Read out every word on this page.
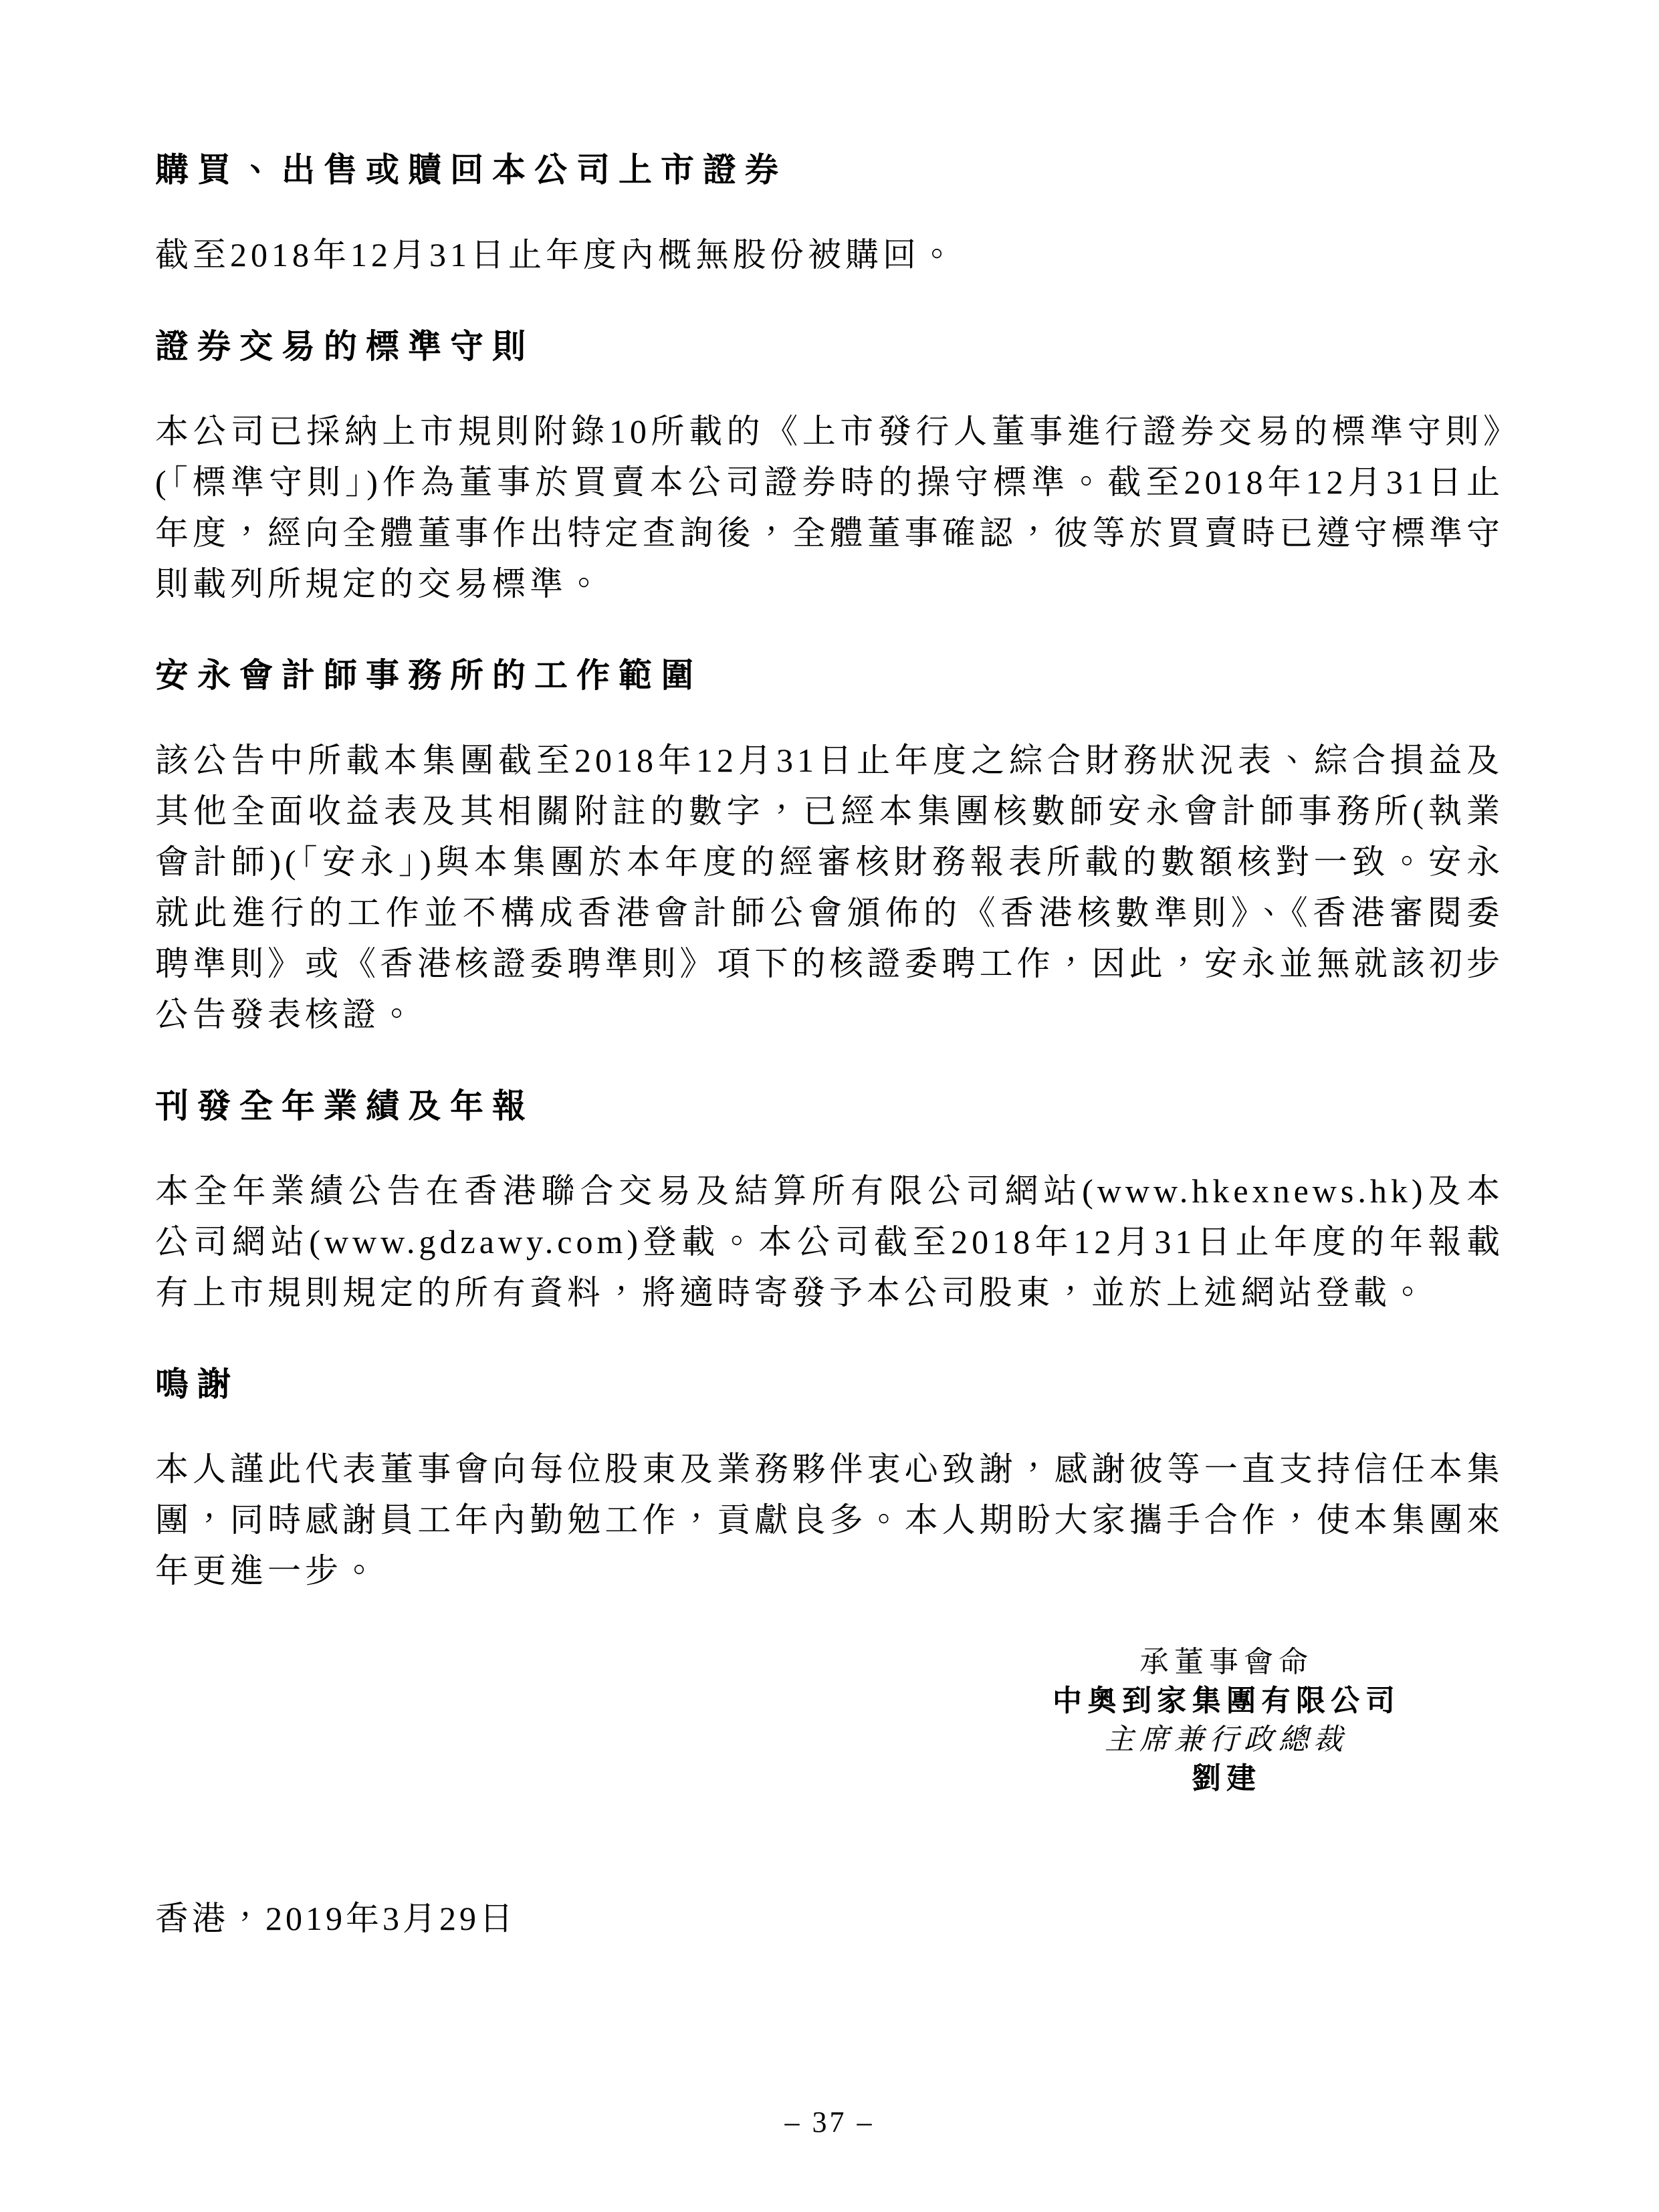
購買、出售或贖回本公司上市證券

截至2018年12月31日止年度內概無股份被購回。

證券交易的標準守則

本公司已採納上市規則附錄10所載的《上市發行人董事進行證券交易的標準守則》(「標準守則」)作為董事於買賣本公司證券時的操守標準。截至2018年12月31日止年度，經向全體董事作出特定查詢後，全體董事確認，彼等於買賣時已遵守標準守則載列所規定的交易標準。

安永會計師事務所的工作範圍

該公告中所載本集團截至2018年12月31日止年度之綜合財務狀況表、綜合損益及其他全面收益表及其相關附註的數字，已經本集團核數師安永會計師事務所(執業會計師)(「安永」)與本集團於本年度的經審核財務報表所載的數額核對一致。安永就此進行的工作並不構成香港會計師公會頒佈的《香港核數準則》、《香港審閱委聘準則》或《香港核證委聘準則》項下的核證委聘工作，因此，安永並無就該初步公告發表核證。

刊發全年業績及年報

本全年業績公告在香港聯合交易及結算所有限公司網站(www.hkexnews.hk)及本公司網站(www.gdzawy.com)登載。本公司截至2018年12月31日止年度的年報載有上市規則規定的所有資料，將適時寄發予本公司股東，並於上述網站登載。

鳴謝

本人謹此代表董事會向每位股東及業務夥伴衷心致謝，感謝彼等一直支持信任本集團，同時感謝員工年內勤勉工作，貢獻良多。本人期盼大家攜手合作，使本集團來年更進一步。

承董事會命
中奧到家集團有限公司
主席兼行政總裁
劉建

香港，2019年3月29日

– 37 –
